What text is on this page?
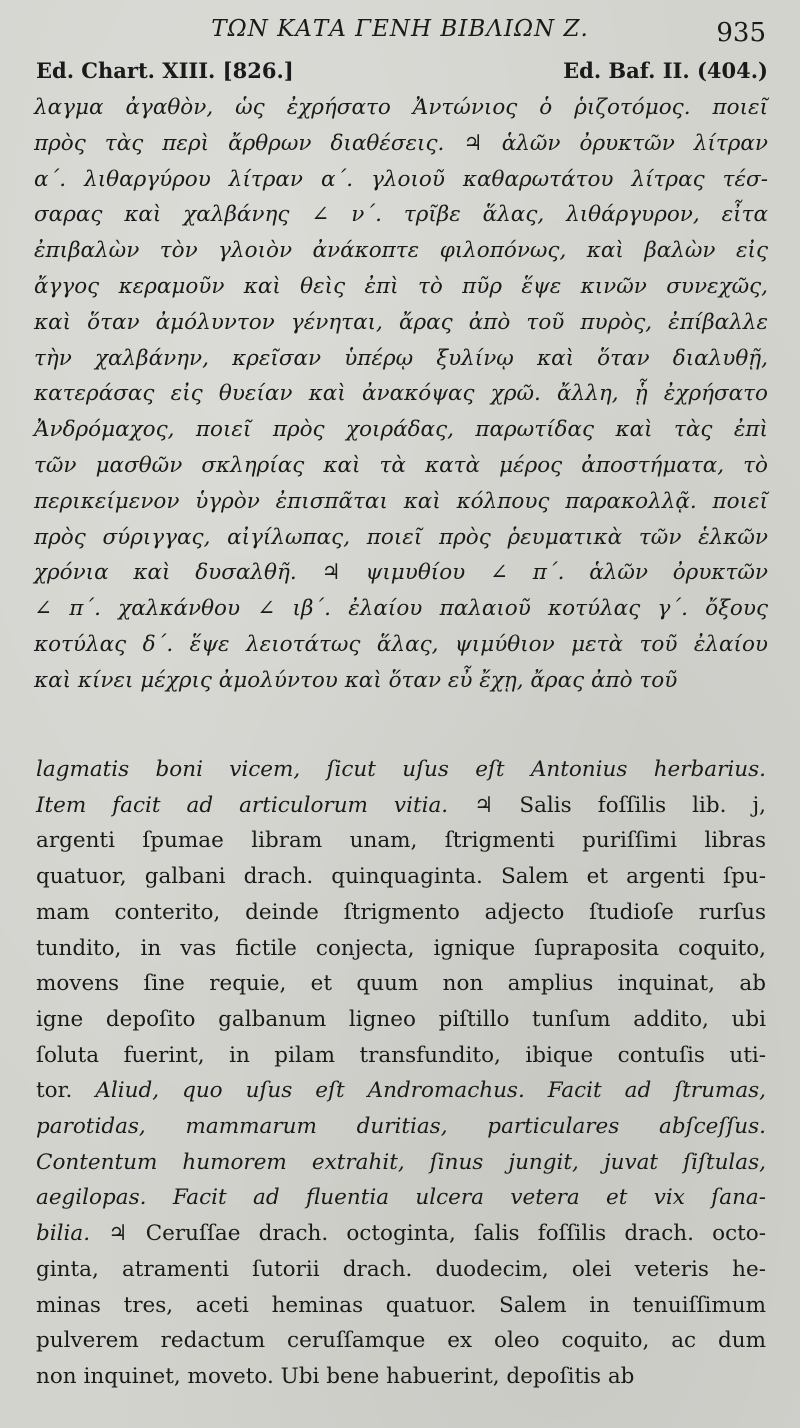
ΤΩΝ ΚΑΤΑ ΓΕΝΗ ΒΙΒΛΙΩΝ Ζ.	935
Ed. Chart. XIII. [826.]	Ed. Baf. II. (404.)
λαγμα ἀγαθὸν, ὡς ἐχρήσατο Ἀντώνιος ὁ ῥιζοτόμος. ποιεῖ
πρὸς τὰς περὶ ἄρθρων διαθέσεις. ♃ ἁλῶν ὀρυκτῶν λίτραν
α΄. λιθαργύρου λίτραν α΄. γλοιοῦ καθαρωτάτου λίτρας τέσ-
σαρας καὶ χαλβάνης ∠ ν΄. τρῖβε ἅλας, λιθάργυρον, εἶτα
ἐπιβαλὼν τὸν γλοιὸν ἀνάκοπτε φιλοπόνως, καὶ βαλὼν εἰς
ἄγγος κεραμοῦν καὶ θεὶς ἐπὶ τὸ πῦρ ἕψε κινῶν συνεχῶς,
καὶ ὅταν ἀμόλυντον γένηται, ἄρας ἀπὸ τοῦ πυρὸς, ἐπίβαλλε
τὴν χαλβάνην, κρεῖσαν ὑπέρῳ ξυλίνῳ καὶ ὅταν διαλυθῇ,
κατεράσας εἰς θυείαν καὶ ἀνακόψας χρῶ. ἄλλη, ᾗ ἐχρήσατο
Ἀνδρόμαχος, ποιεῖ πρὸς χοιράδας, παρωτίδας καὶ τὰς ἐπὶ
τῶν μασθῶν σκληρίας καὶ τὰ κατὰ μέρος ἀποστήματα, τὸ
περικείμενον ὑγρὸν ἐπισπᾶται καὶ κόλπους παρακολλᾷ. ποιεῖ
πρὸς σύριγγας, αἰγίλωπας, ποιεῖ πρὸς ῥευματικὰ τῶν ἑλκῶν
χρόνια καὶ δυσαλθῆ. ♃ ψιμυθίου ∠ π΄. ἁλῶν ὀρυκτῶν
∠ π΄. χαλκάνθου ∠ ιβ΄. ἐλαίου παλαιοῦ κοτύλας γ΄. ὄξους
κοτύλας δ΄. ἕψε λειοτάτως ἅλας, ψιμύθιον μετὰ τοῦ ἐλαίου
καὶ κίνει μέχρις ἀμολύντου καὶ ὅταν εὖ ἔχῃ, ἄρας ἀπὸ τοῦ
lagmatis boni vicem, ſicut uſus eſt Antonius herbarius.
Item facit ad articulorum vitia. ♃ Salis foſſilis lib. j,
argenti ſpumae libram unam, ſtrigmenti puriſſimi libras
quatuor, galbani drach. quinquaginta. Salem et argenti ſpu-
mam conterito, deinde ſtrigmento adjecto ſtudioſe rurſus
tundito, in vas fictile conjecta, ignique ſupraposita coquito,
movens ſine requie, et quum non amplius inquinat, ab
igne depoſito galbanum ligneo piſtillo tunſum addito, ubi
ſoluta fuerint, in pilam transfundito, ibique contuſis uti-
tor. Aliud, quo uſus eſt Andromachus. Facit ad ſtrumas,
parotidas, mammarum duritias, particulares abſceſſus.
Contentum humorem extrahit, ſinus jungit, juvat ſiſtulas,
aegilopas. Facit ad fluentia ulcera vetera et vix ſana-
bilia. ♃ Ceruſſae drach. octoginta, ſalis foſſilis drach. octo-
ginta, atramenti ſutorii drach. duodecim, olei veteris he-
minas tres, aceti heminas quatuor. Salem in tenuiſſimum
pulverem redactum ceruſſamque ex oleo coquito, ac dum
non inquinet, moveto. Ubi bene habuerint, depoſitis ab
